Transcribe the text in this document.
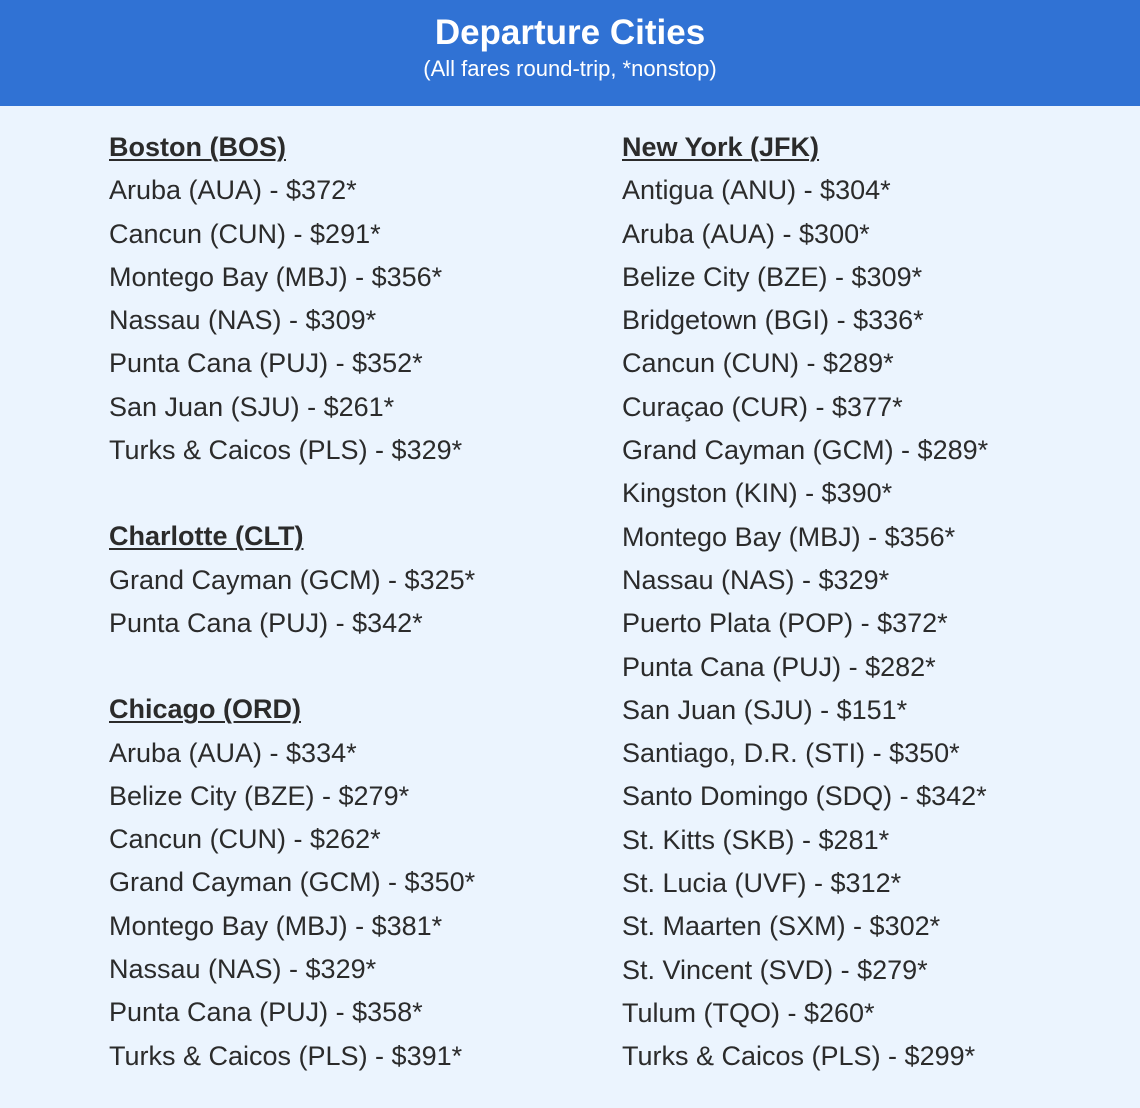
Departure Cities
(All fares round-trip, *nonstop)
Boston (BOS)
Aruba (AUA) - $372*
Cancun (CUN) - $291*
Montego Bay (MBJ) - $356*
Nassau (NAS) - $309*
Punta Cana (PUJ) - $352*
San Juan (SJU) - $261*
Turks & Caicos (PLS) - $329*
Charlotte (CLT)
Grand Cayman (GCM) - $325*
Punta Cana (PUJ) - $342*
Chicago (ORD)
Aruba (AUA) - $334*
Belize City (BZE) - $279*
Cancun (CUN) - $262*
Grand Cayman (GCM) - $350*
Montego Bay (MBJ) - $381*
Nassau (NAS) - $329*
Punta Cana (PUJ) - $358*
Turks & Caicos (PLS) - $391*
New York (JFK)
Antigua (ANU) - $304*
Aruba (AUA) - $300*
Belize City (BZE) - $309*
Bridgetown (BGI) - $336*
Cancun (CUN) - $289*
Curaçao (CUR) - $377*
Grand Cayman (GCM) - $289*
Kingston (KIN) - $390*
Montego Bay (MBJ) - $356*
Nassau (NAS) - $329*
Puerto Plata (POP) - $372*
Punta Cana (PUJ) - $282*
San Juan (SJU) - $151*
Santiago, D.R. (STI) - $350*
Santo Domingo (SDQ) - $342*
St. Kitts (SKB) - $281*
St. Lucia (UVF) - $312*
St. Maarten (SXM) - $302*
St. Vincent (SVD) - $279*
Tulum (TQO) - $260*
Turks & Caicos (PLS) - $299*
